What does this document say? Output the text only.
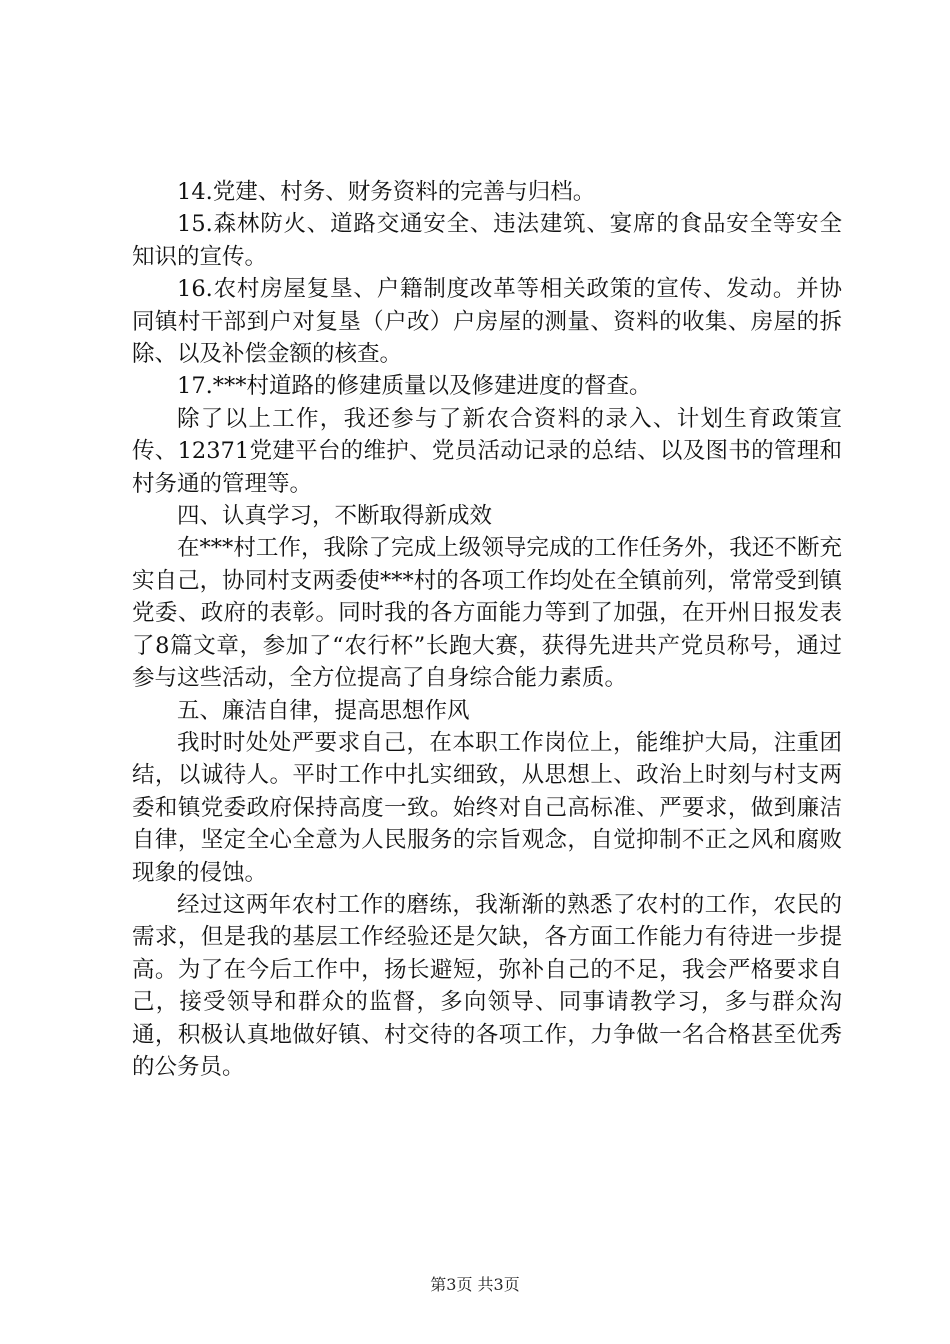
14.党建、村务、财务资料的完善与归档。

15.森林防火、道路交通安全、违法建筑、宴席的食品安全等安全知识的宣传。

16.农村房屋复垦、户籍制度改革等相关政策的宣传、发动。并协同镇村干部到户对复垦（户改）户房屋的测量、资料的收集、房屋的拆除、以及补偿金额的核查。

17.***村道路的修建质量以及修建进度的督查。

除了以上工作，我还参与了新农合资料的录入、计划生育政策宣传、12371党建平台的维护、党员活动记录的总结、以及图书的管理和村务通的管理等。

四、认真学习，不断取得新成效

在***村工作，我除了完成上级领导完成的工作任务外，我还不断充实自己，协同村支两委使***村的各项工作均处在全镇前列，常常受到镇党委、政府的表彰。同时我的各方面能力等到了加强，在开州日报发表了8篇文章，参加了“农行杯”长跑大赛，获得先进共产党员称号，通过参与这些活动，全方位提高了自身综合能力素质。

五、廉洁自律，提高思想作风

我时时处处严要求自己，在本职工作岗位上，能维护大局，注重团结，以诚待人。平时工作中扎实细致，从思想上、政治上时刻与村支两委和镇党委政府保持高度一致。始终对自己高标准、严要求，做到廉洁自律，坚定全心全意为人民服务的宗旨观念，自觉抑制不正之风和腐败现象的侵蚀。

经过这两年农村工作的磨练，我渐渐的熟悉了农村的工作，农民的需求，但是我的基层工作经验还是欠缺，各方面工作能力有待进一步提高。为了在今后工作中，扬长避短，弥补自己的不足，我会严格要求自己，接受领导和群众的监督，多向领导、同事请教学习，多与群众沟通，积极认真地做好镇、村交待的各项工作，力争做一名合格甚至优秀的公务员。

第3页 共3页
